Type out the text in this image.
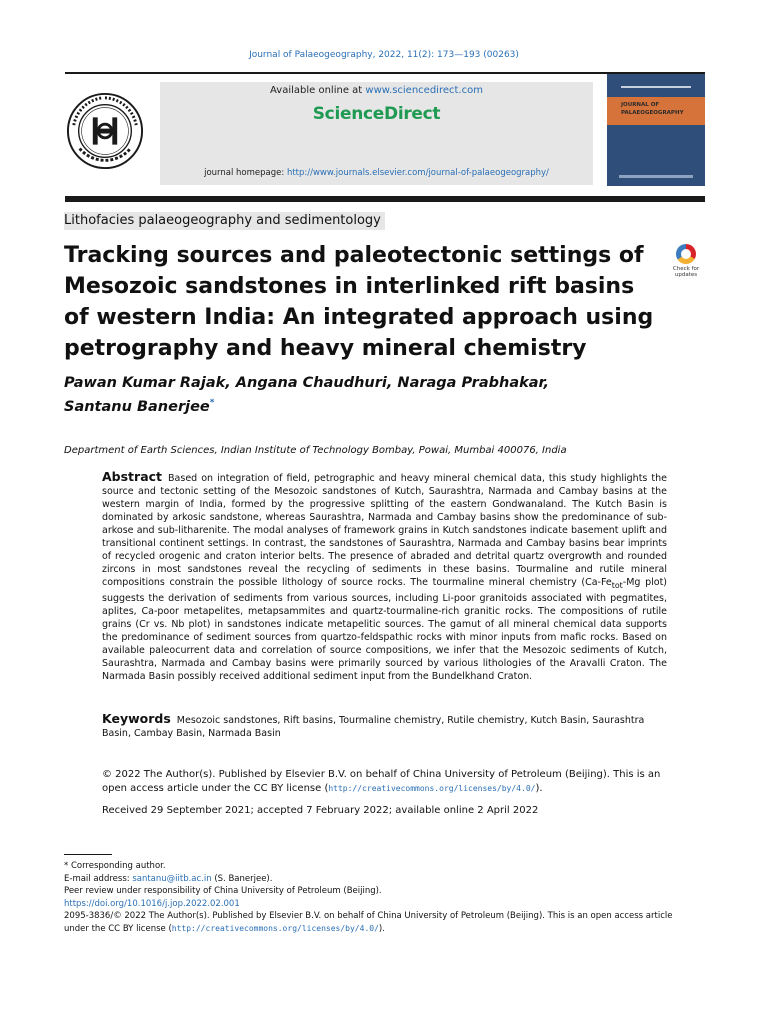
Journal of Palaeogeography, 2022, 11(2): 173—193 (00263)
Available online at www.sciencedirect.com
ScienceDirect
journal homepage: http://www.journals.elsevier.com/journal-of-palaeogeography/
JOURNAL OF
PALAEOGEOGRAPHY
Lithofacies palaeogeography and sedimentology
Tracking sources and paleotectonic settings of Mesozoic sandstones in interlinked rift basins of western India: An integrated approach using petrography and heavy mineral chemistry
Check for
updates
Pawan Kumar Rajak, Angana Chaudhuri, Naraga Prabhakar,
Santanu Banerjee*
Department of Earth Sciences, Indian Institute of Technology Bombay, Powai, Mumbai 400076, India
Abstract Based on integration of field, petrographic and heavy mineral chemical data, this study highlights the source and tectonic setting of the Mesozoic sandstones of Kutch, Saurashtra, Narmada and Cambay basins at the western margin of India, formed by the progressive splitting of the eastern Gondwanaland. The Kutch Basin is dominated by arkosic sandstone, whereas Saurashtra, Narmada and Cambay basins show the predominance of sub-arkose and sub-litharenite. The modal analyses of framework grains in Kutch sandstones indicate basement uplift and transitional continent settings. In contrast, the sandstones of Saurashtra, Narmada and Cambay basins bear imprints of recycled orogenic and craton interior belts. The presence of abraded and detrital quartz overgrowth and rounded zircons in most sandstones reveal the recycling of sediments in these basins. Tourmaline and rutile mineral compositions constrain the possible lithology of source rocks. The tourmaline mineral chemistry ($Ca-Fe_{tot}-Mg$ plot) suggests the derivation of sediments from various sources, including Li-poor granitoids associated with pegmatites, aplites, Ca-poor metapelites, metapsammites and quartz-tourmaline-rich granitic rocks. The compositions of rutile grains (Cr vs. Nb plot) in sandstones indicate metapelitic sources. The gamut of all mineral chemical data supports the predominance of sediment sources from quartzo-feldspathic rocks with minor inputs from mafic rocks. Based on available paleocurrent data and correlation of source compositions, we infer that the Mesozoic sediments of Kutch, Saurashtra, Narmada and Cambay basins were primarily sourced by various lithologies of the Aravalli Craton. The Narmada Basin possibly received additional sediment input from the Bundelkhand Craton.
Keywords Mesozoic sandstones, Rift basins, Tourmaline chemistry, Rutile chemistry, Kutch Basin, Saurashtra Basin, Cambay Basin, Narmada Basin
© 2022 The Author(s). Published by Elsevier B.V. on behalf of China University of Petroleum (Beijing). This is an open access article under the CC BY license (http://creativecommons.org/licenses/by/4.0/).
Received 29 September 2021; accepted 7 February 2022; available online 2 April 2022
* Corresponding author.
E-mail address: santanu@iitb.ac.in (S. Banerjee).
Peer review under responsibility of China University of Petroleum (Beijing).
https://doi.org/10.1016/j.jop.2022.02.001
2095-3836/© 2022 The Author(s). Published by Elsevier B.V. on behalf of China University of Petroleum (Beijing). This is an open access article
under the CC BY license (http://creativecommons.org/licenses/by/4.0/).
